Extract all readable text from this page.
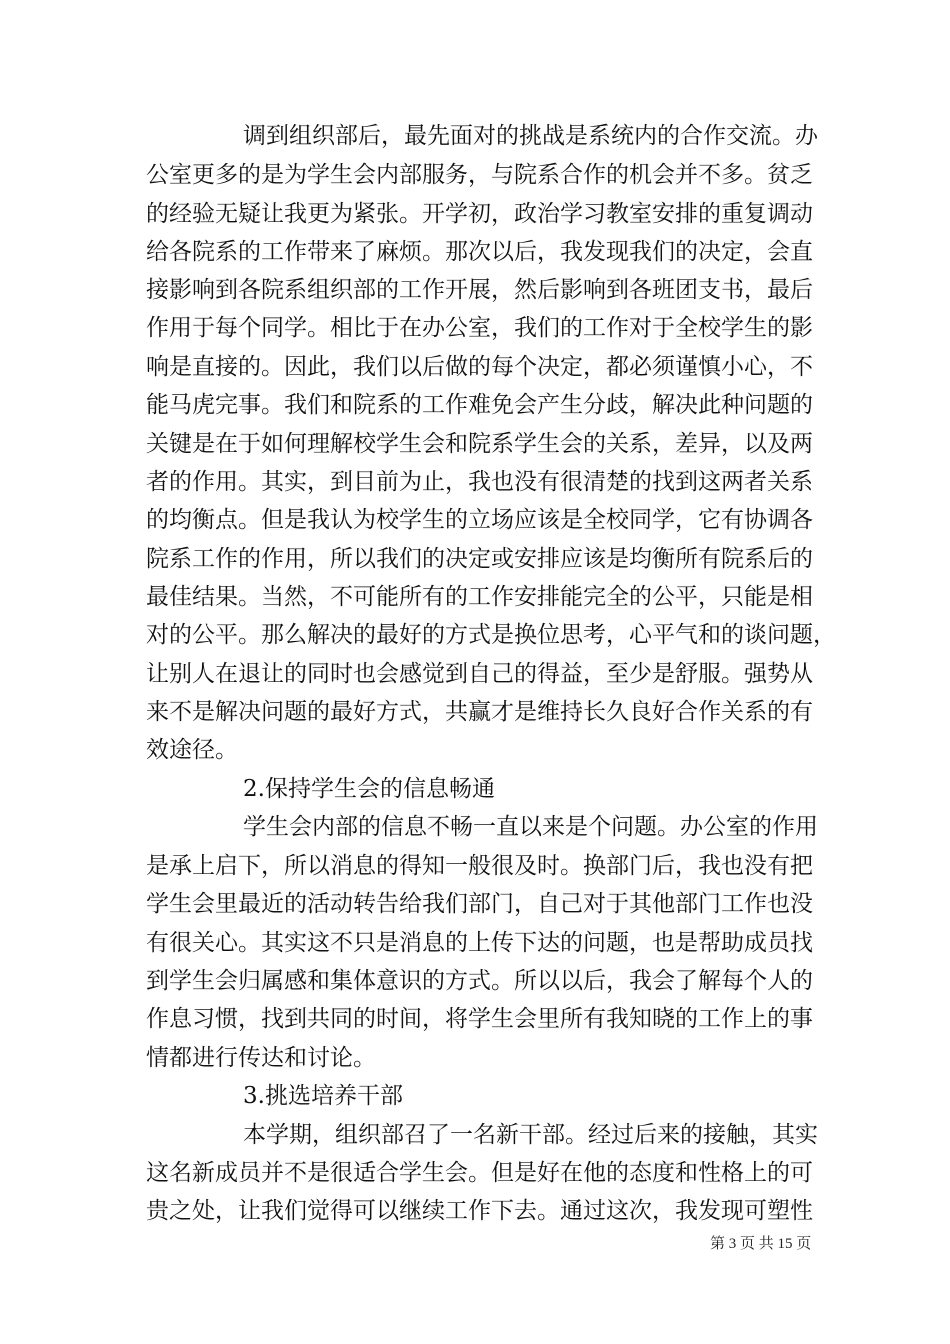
调到组织部后，最先面对的挑战是系统内的合作交流。办
公室更多的是为学生会内部服务，与院系合作的机会并不多。贫乏
的经验无疑让我更为紧张。开学初，政治学习教室安排的重复调动
给各院系的工作带来了麻烦。那次以后，我发现我们的决定，会直
接影响到各院系组织部的工作开展，然后影响到各班团支书，最后
作用于每个同学。相比于在办公室，我们的工作对于全校学生的影
响是直接的。因此，我们以后做的每个决定，都必须谨慎小心，不
能马虎完事。我们和院系的工作难免会产生分歧，解决此种问题的
关键是在于如何理解校学生会和院系学生会的关系，差异，以及两
者的作用。其实，到目前为止，我也没有很清楚的找到这两者关系
的均衡点。但是我认为校学生的立场应该是全校同学，它有协调各
院系工作的作用，所以我们的决定或安排应该是均衡所有院系后的
最佳结果。当然，不可能所有的工作安排能完全的公平，只能是相
对的公平。那么解决的最好的方式是换位思考，心平气和的谈问题，
让别人在退让的同时也会感觉到自己的得益，至少是舒服。强势从
来不是解决问题的最好方式，共赢才是维持长久良好合作关系的有
效途径。
2.保持学生会的信息畅通
学生会内部的信息不畅一直以来是个问题。办公室的作用
是承上启下，所以消息的得知一般很及时。换部门后，我也没有把
学生会里最近的活动转告给我们部门，自己对于其他部门工作也没
有很关心。其实这不只是消息的上传下达的问题，也是帮助成员找
到学生会归属感和集体意识的方式。所以以后，我会了解每个人的
作息习惯，找到共同的时间，将学生会里所有我知晓的工作上的事
情都进行传达和讨论。
3.挑选培养干部
本学期，组织部召了一名新干部。经过后来的接触，其实
这名新成员并不是很适合学生会。但是好在他的态度和性格上的可
贵之处，让我们觉得可以继续工作下去。通过这次，我发现可塑性
第 3 页 共 15 页
